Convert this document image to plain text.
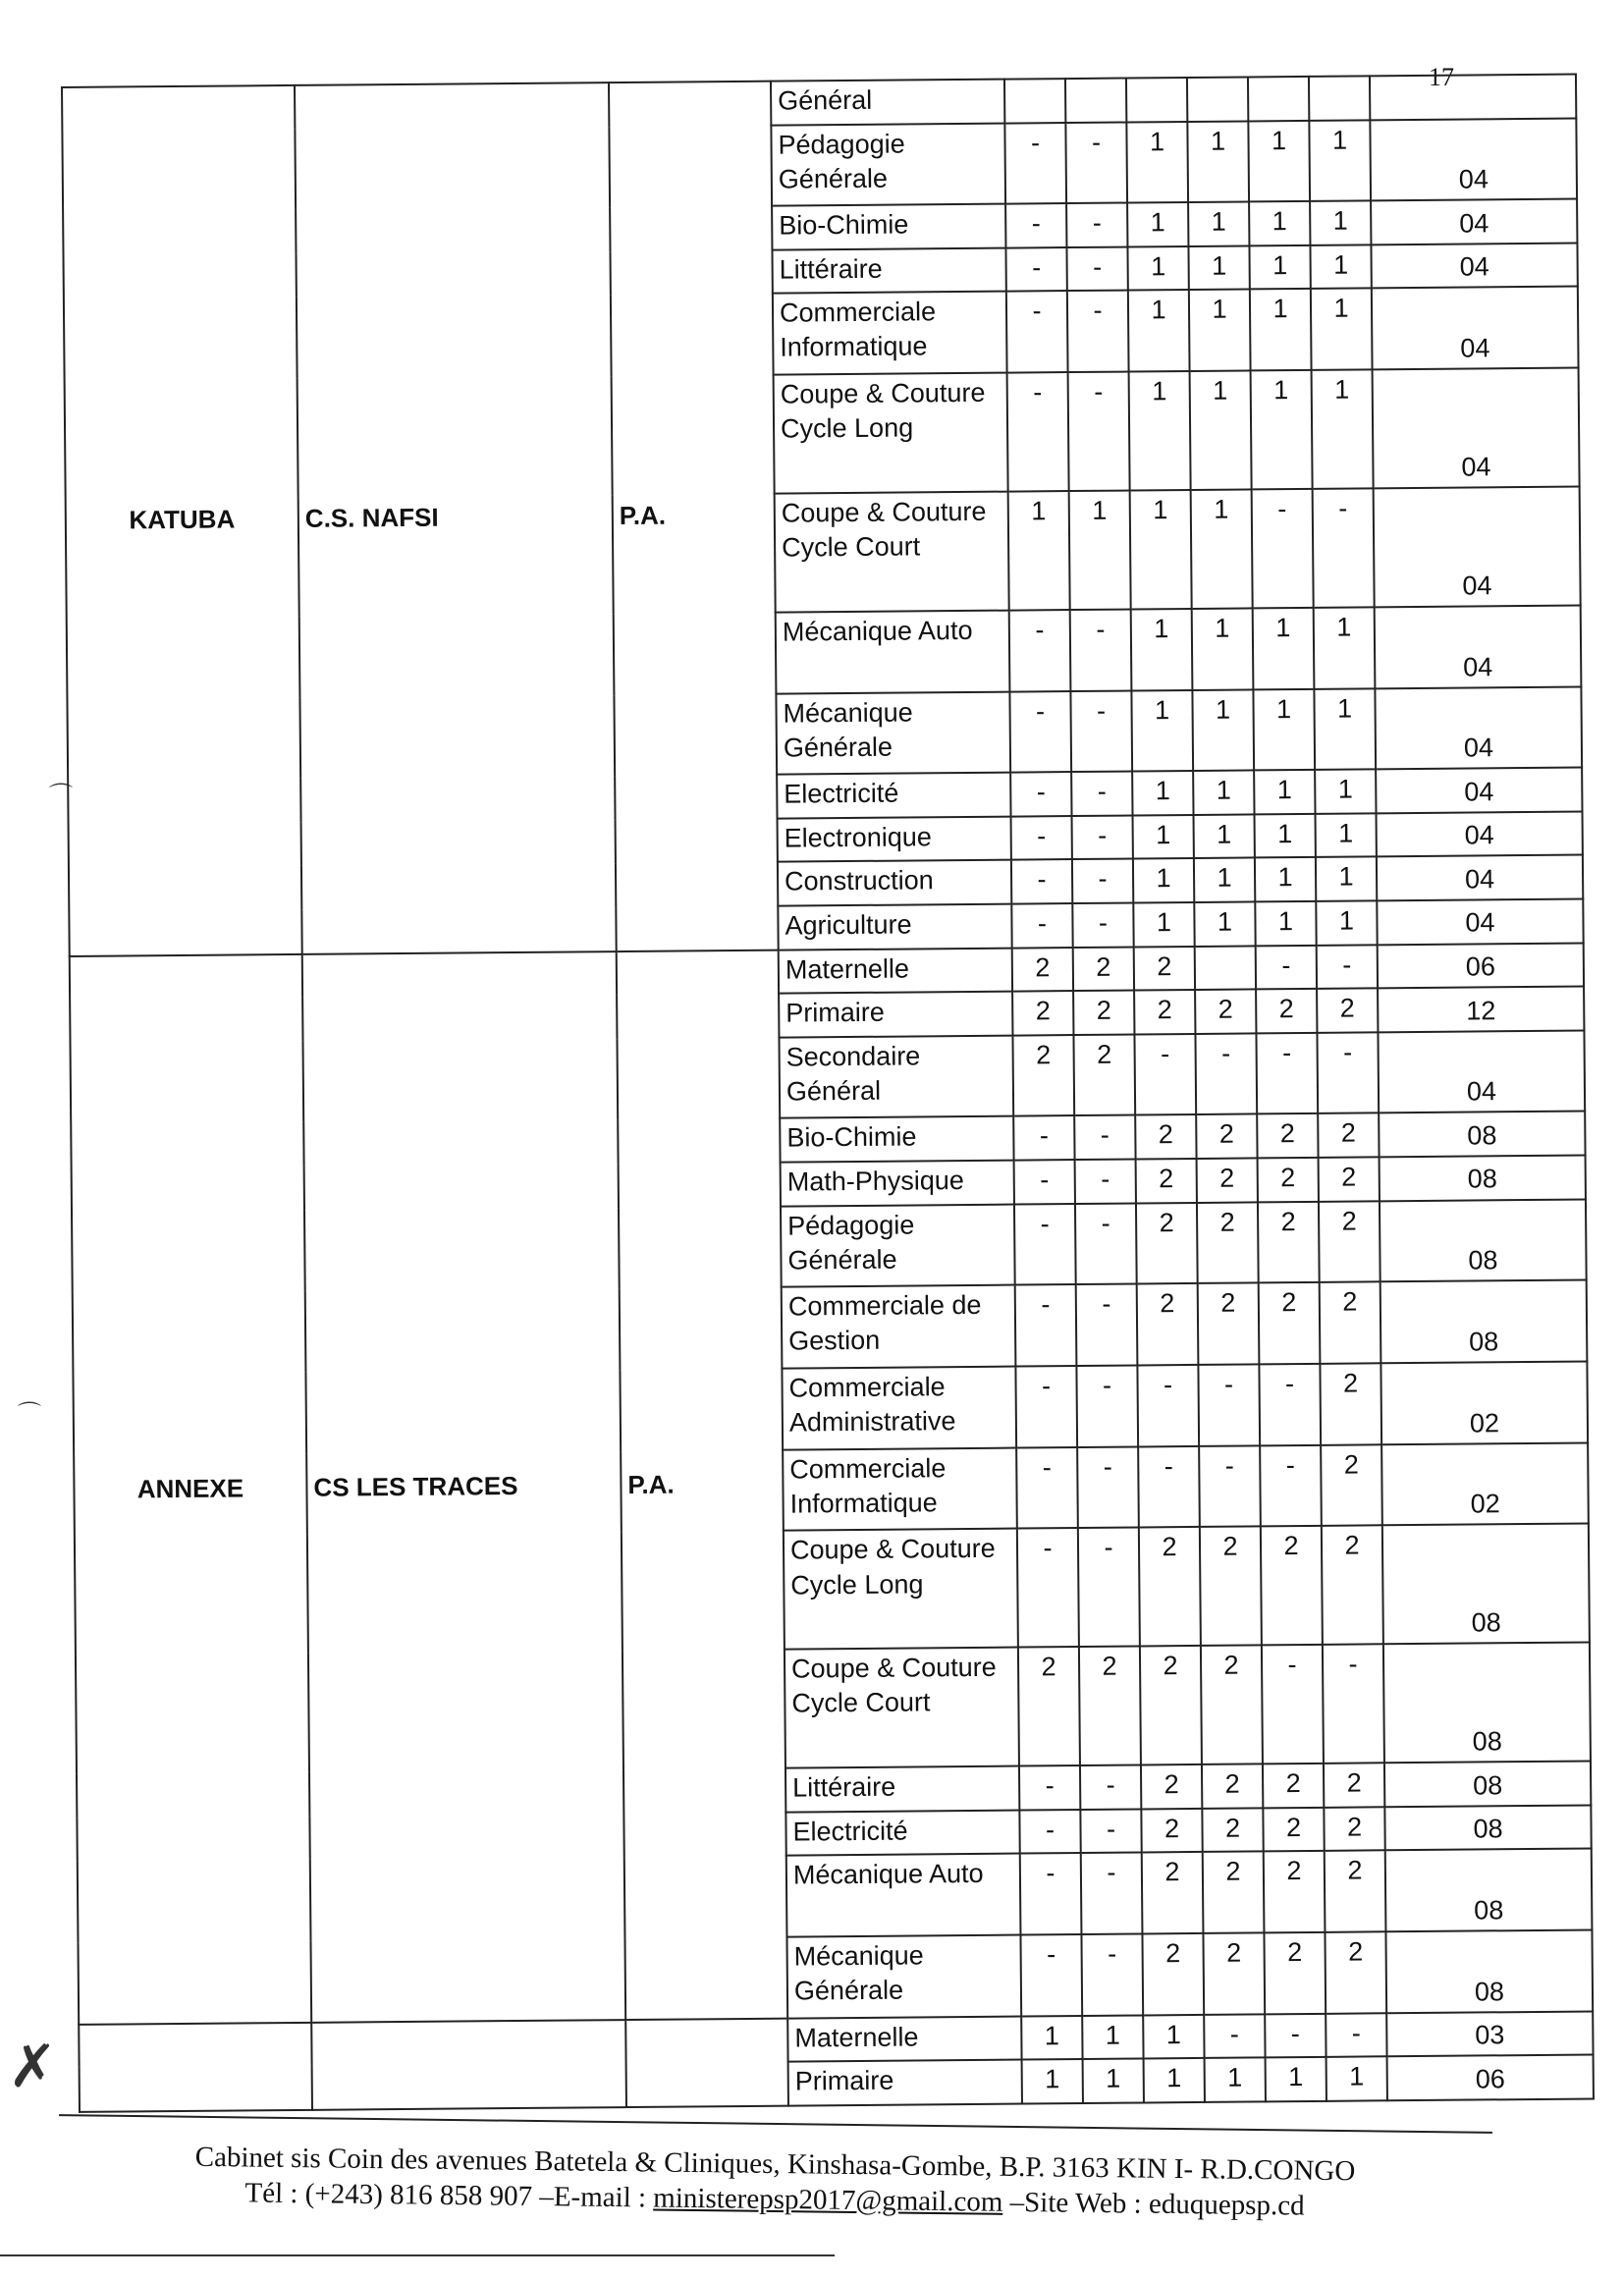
17
⌒
⌒
✗
KATUBA	C.S. NAFSI	P.A.	Général							
			Pédagogie Générale	-	-	1	1	1	1	04
			Bio-Chimie	-	-	1	1	1	1	04
			Littéraire	-	-	1	1	1	1	04
			Commerciale Informatique	-	-	1	1	1	1	04
			Coupe & Couture Cycle Long	-	-	1	1	1	1	04
			Coupe & Couture Cycle Court	1	1	1	1	-	-	04
			Mécanique Auto	-	-	1	1	1	1	04
			Mécanique Générale	-	-	1	1	1	1	04
			Electricité	-	-	1	1	1	1	04
			Electronique	-	-	1	1	1	1	04
			Construction	-	-	1	1	1	1	04
			Agriculture	-	-	1	1	1	1	04
ANNEXE	CS LES TRACES	P.A.	Maternelle	2	2	2		-	-	06
			Primaire	2	2	2	2	2	2	12
			Secondaire Général	2	2	-	-	-	-	04
			Bio-Chimie	-	-	2	2	2	2	08
			Math-Physique	-	-	2	2	2	2	08
			Pédagogie Générale	-	-	2	2	2	2	08
			Commerciale de Gestion	-	-	2	2	2	2	08
			Commerciale Administrative	-	-	-	-	-	2	02
			Commerciale Informatique	-	-	-	-	-	2	02
			Coupe & Couture Cycle Long	-	-	2	2	2	2	08
			Coupe & Couture Cycle Court	2	2	2	2	-	-	08
			Littéraire	-	-	2	2	2	2	08
			Electricité	-	-	2	2	2	2	08
			Mécanique Auto	-	-	2	2	2	2	08
			Mécanique Générale	-	-	2	2	2	2	08
			Maternelle	1	1	1	-	-	-	03
			Primaire	1	1	1	1	1	1	06
Cabinet sis Coin des avenues Batetela & Cliniques, Kinshasa-Gombe, B.P. 3163 KIN I- R.D.CONGO
Tél : (+243) 816 858 907 –E-mail : ministerepsp2017@gmail.com –Site Web : eduquepsp.cd
